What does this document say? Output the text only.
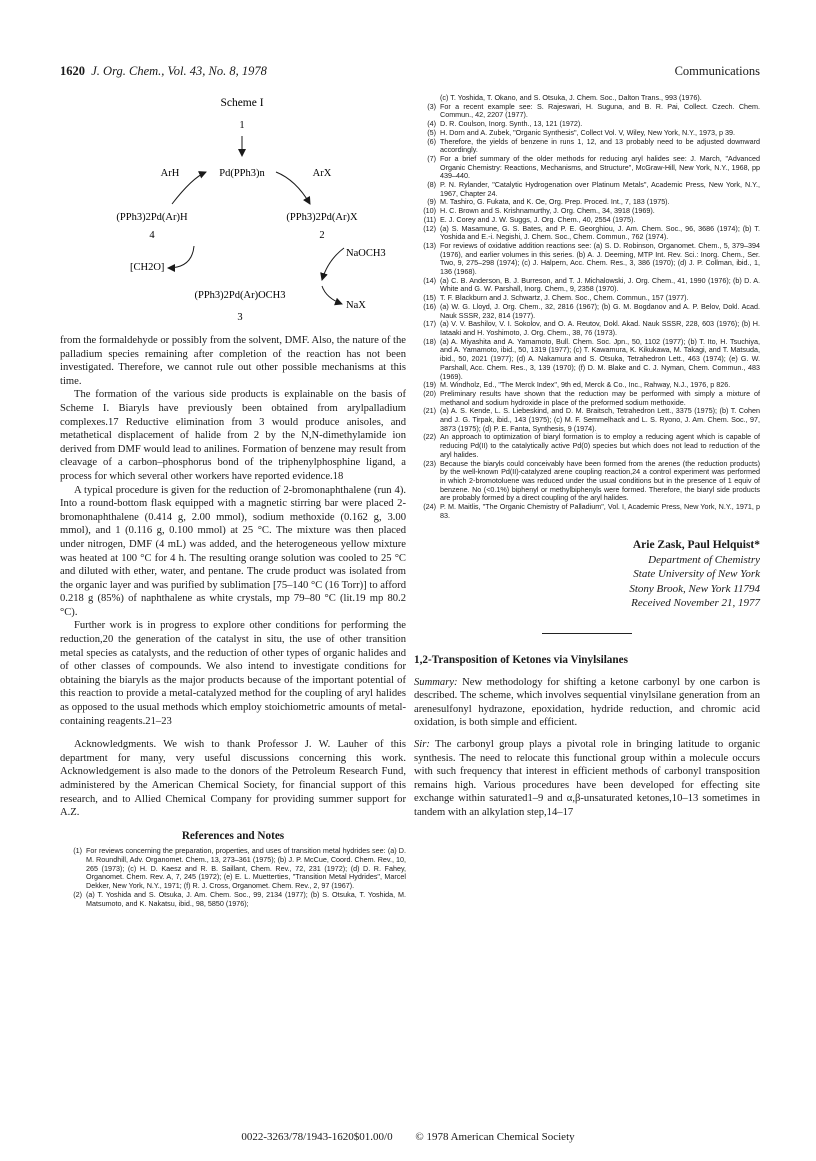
1620 J. Org. Chem., Vol. 43, No. 8, 1978	Communications
Scheme I
1
ArH	Pd(PPh3)n	ArX
(PPh3)2Pd(Ar)H	(PPh3)2Pd(Ar)X
4	2
NaOCH3
[CH2O]
(PPh3)2Pd(Ar)OCH3
NaX
3

from the formaldehyde or possibly from the solvent, DMF. Also, the nature of the palladium species remaining after completion of the reaction has not been investigated. Therefore, we cannot rule out other possible mechanisms at this time.

The formation of the various side products is explainable on the basis of Scheme I. Biaryls have previously been obtained from arylpalladium complexes.17 Reductive elimination from 3 would produce anisoles, and metathetical displacement of halide from 2 by the N,N-dimethylamide ion derived from DMF would lead to anilines. Formation of benzene may result from cleavage of a carbon–phosphorus bond of the triphenylphosphine ligand, a process for which several other workers have reported evidence.18

A typical procedure is given for the reduction of 2-bromonaphthalene (run 4). Into a round-bottom flask equipped with a magnetic stirring bar were placed 2-bromonaphthalene (0.414 g, 2.00 mmol), sodium methoxide (0.162 g, 3.00 mmol), and 1 (0.116 g, 0.100 mmol) at 25 °C. The mixture was then placed under nitrogen, DMF (4 mL) was added, and the heterogeneous yellow mixture was heated at 100 °C for 4 h. The resulting orange solution was cooled to 25 °C and diluted with ether, water, and pentane. The crude product was isolated from the organic layer and was purified by sublimation [75–140 °C (16 Torr)] to afford 0.218 g (85%) of naphthalene as white crystals, mp 79–80 °C (lit.19 mp 80.2 °C).

Further work is in progress to explore other conditions for performing the reduction,20 the generation of the catalyst in situ, the use of other transition metal species as catalysts, and the reduction of other types of organic halides and of other classes of compounds. We also intend to investigate conditions for obtaining the biaryls as the major products because of the important potential of this reaction to provide a metal-catalyzed method for the coupling of aryl halides as opposed to the usual methods which employ stoichiometric amounts of metal-containing reagents.21–23

Acknowledgments. We wish to thank Professor J. W. Lauher of this department for many, very useful discussions concerning this work. Acknowledgement is also made to the donors of the Petroleum Research Fund, administered by the American Chemical Society, for financial support of this research, and to Allied Chemical Company for providing summer support for A.Z.

References and Notes
(1) For reviews concerning the preparation, properties, and uses of transition metal hydrides see: (a) D. M. Roundhill, Adv. Organomet. Chem., 13, 273–361 (1975); (b) J. P. McCue, Coord. Chem. Rev., 10, 265 (1973); (c) H. D. Kaesz and R. B. Saillant, Chem. Rev., 72, 231 (1972); (d) D. R. Fahey, Organomet. Chem. Rev. A, 7, 245 (1972); (e) E. L. Muetterties, "Transition Metal Hydrides", Marcel Dekker, New York, N.Y., 1971; (f) R. J. Cross, Organomet. Chem. Rev., 2, 97 (1967).
(2) (a) T. Yoshida and S. Otsuka, J. Am. Chem. Soc., 99, 2134 (1977); (b) S. Otsuka, T. Yoshida, M. Matsumoto, and K. Nakatsu, ibid., 98, 5850 (1976);
(c) T. Yoshida, T. Okano, and S. Otsuka, J. Chem. Soc., Dalton Trans., 993 (1976).
(3) For a recent example see: S. Rajeswari, H. Suguna, and B. R. Pai, Collect. Czech. Chem. Commun., 42, 2207 (1977).
(4) D. R. Coulson, Inorg. Synth., 13, 121 (1972).
(5) H. Dorn and A. Zubek, "Organic Synthesis", Collect Vol. V, Wiley, New York, N.Y., 1973, p 39.
(6) Therefore, the yields of benzene in runs 1, 12, and 13 probably need to be adjusted downward accordingly.
(7) For a brief summary of the older methods for reducing aryl halides see: J. March, "Advanced Organic Chemistry: Reactions, Mechanisms, and Structure", McGraw-Hill, New York, N.Y., 1968, pp 439–440.
(8) P. N. Rylander, "Catalytic Hydrogenation over Platinum Metals", Academic Press, New York, N.Y., 1967, Chapter 24.
(9) M. Tashiro, G. Fukata, and K. Oe, Org. Prep. Proced. Int., 7, 183 (1975).
(10) H. C. Brown and S. Krishnamurthy, J. Org. Chem., 34, 3918 (1969).
(11) E. J. Corey and J. W. Suggs, J. Org. Chem., 40, 2554 (1975).
(12) (a) S. Masamune, G. S. Bates, and P. E. Georghiou, J. Am. Chem. Soc., 96, 3686 (1974); (b) T. Yoshida and E.-i. Negishi, J. Chem. Soc., Chem. Commun., 762 (1974).
(13) For reviews of oxidative addition reactions see: (a) S. D. Robinson, Organomet. Chem., 5, 379–394 (1976), and earlier volumes in this series. (b) A. J. Deeming, MTP Int. Rev. Sci.: Inorg. Chem., Ser. Two, 9, 275–298 (1974); (c) J. Halpern, Acc. Chem. Res., 3, 386 (1970); (d) J. P. Collman, ibid., 1, 136 (1968).
(14) (a) C. B. Anderson, B. J. Burreson, and T. J. Michalowski, J. Org. Chem., 41, 1990 (1976); (b) D. A. White and G. W. Parshall, Inorg. Chem., 9, 2358 (1970).
(15) T. F. Blackburn and J. Schwartz, J. Chem. Soc., Chem. Commun., 157 (1977).
(16) (a) W. G. Lloyd, J. Org. Chem., 32, 2816 (1967); (b) G. M. Bogdanov and A. P. Belov, Dokl. Acad. Nauk SSSR, 232, 814 (1977).
(17) (a) V. V. Bashilov, V. I. Sokolov, and O. A. Reutov, Dokl. Akad. Nauk SSSR, 228, 603 (1976); (b) H. Iataaki and H. Yoshimoto, J. Org. Chem., 38, 76 (1973).
(18) (a) A. Miyashita and A. Yamamoto, Bull. Chem. Soc. Jpn., 50, 1102 (1977); (b) T. Ito, H. Tsuchiya, and A. Yamamoto, ibid., 50, 1319 (1977); (c) T. Kawamura, K. Kikukawa, M. Takagi, and T. Matsuda, ibid., 50, 2021 (1977); (d) A. Nakamura and S. Otsuka, Tetrahedron Lett., 463 (1974); (e) G. W. Parshall, Acc. Chem. Res., 3, 139 (1970); (f) D. M. Blake and C. J. Nyman, Chem. Commun., 483 (1969).
(19) M. Windholz, Ed., "The Merck Index", 9th ed, Merck & Co., Inc., Rahway, N.J., 1976, p 826.
(20) Preliminary results have shown that the reduction may be performed with simply a mixture of methanol and sodium hydroxide in place of the preformed sodium methoxide.
(21) (a) A. S. Kende, L. S. Liebeskind, and D. M. Braitsch, Tetrahedron Lett., 3375 (1975); (b) T. Cohen and J. G. Tirpak, ibid., 143 (1975); (c) M. F. Semmelhack and L. S. Ryono, J. Am. Chem. Soc., 97, 3873 (1975); (d) P. E. Fanta, Synthesis, 9 (1974).
(22) An approach to optimization of biaryl formation is to employ a reducing agent which is capable of reducing Pd(II) to the catalytically active Pd(0) species but which does not lead to reduction of the aryl halides.
(23) Because the biaryls could conceivably have been formed from the arenes (the reduction products) by the well-known Pd(II)-catalyzed arene coupling reaction,24 a control experiment was performed in which 2-bromotoluene was reduced under the usual conditions but in the presence of 1 equiv of benzene. No (<0.1%) biphenyl or methylbiphenyls were formed. Therefore, the biaryl side products are probably formed by a direct coupling of the aryl halides.
(24) P. M. Maitlis, "The Organic Chemistry of Palladium", Vol. I, Academic Press, New York, N.Y., 1971, p 83.
Arie Zask, Paul Helquist*
Department of Chemistry
State University of New York
Stony Brook, New York 11794
Received November 21, 1977
1,2-Transposition of Ketones via Vinylsilanes

Summary: New methodology for shifting a ketone carbonyl by one carbon is described. The scheme, which involves sequential vinylsilane generation from an arenesulfonyl hydrazone, epoxidation, hydride reduction, and chromic acid oxidation, is both simple and efficient.

Sir: The carbonyl group plays a pivotal role in bringing latitude to organic synthesis. The need to relocate this functional group within a molecule occurs with such frequency that interest in efficient methods of carbonyl transposition remains high. Various procedures have been developed for effecting site exchange within saturated1–9 and α,β-unsaturated ketones,10–13 sometimes in tandem with an alkylation step,14–17

0022-3263/78/1943-1620$01.00/0 © 1978 American Chemical Society
